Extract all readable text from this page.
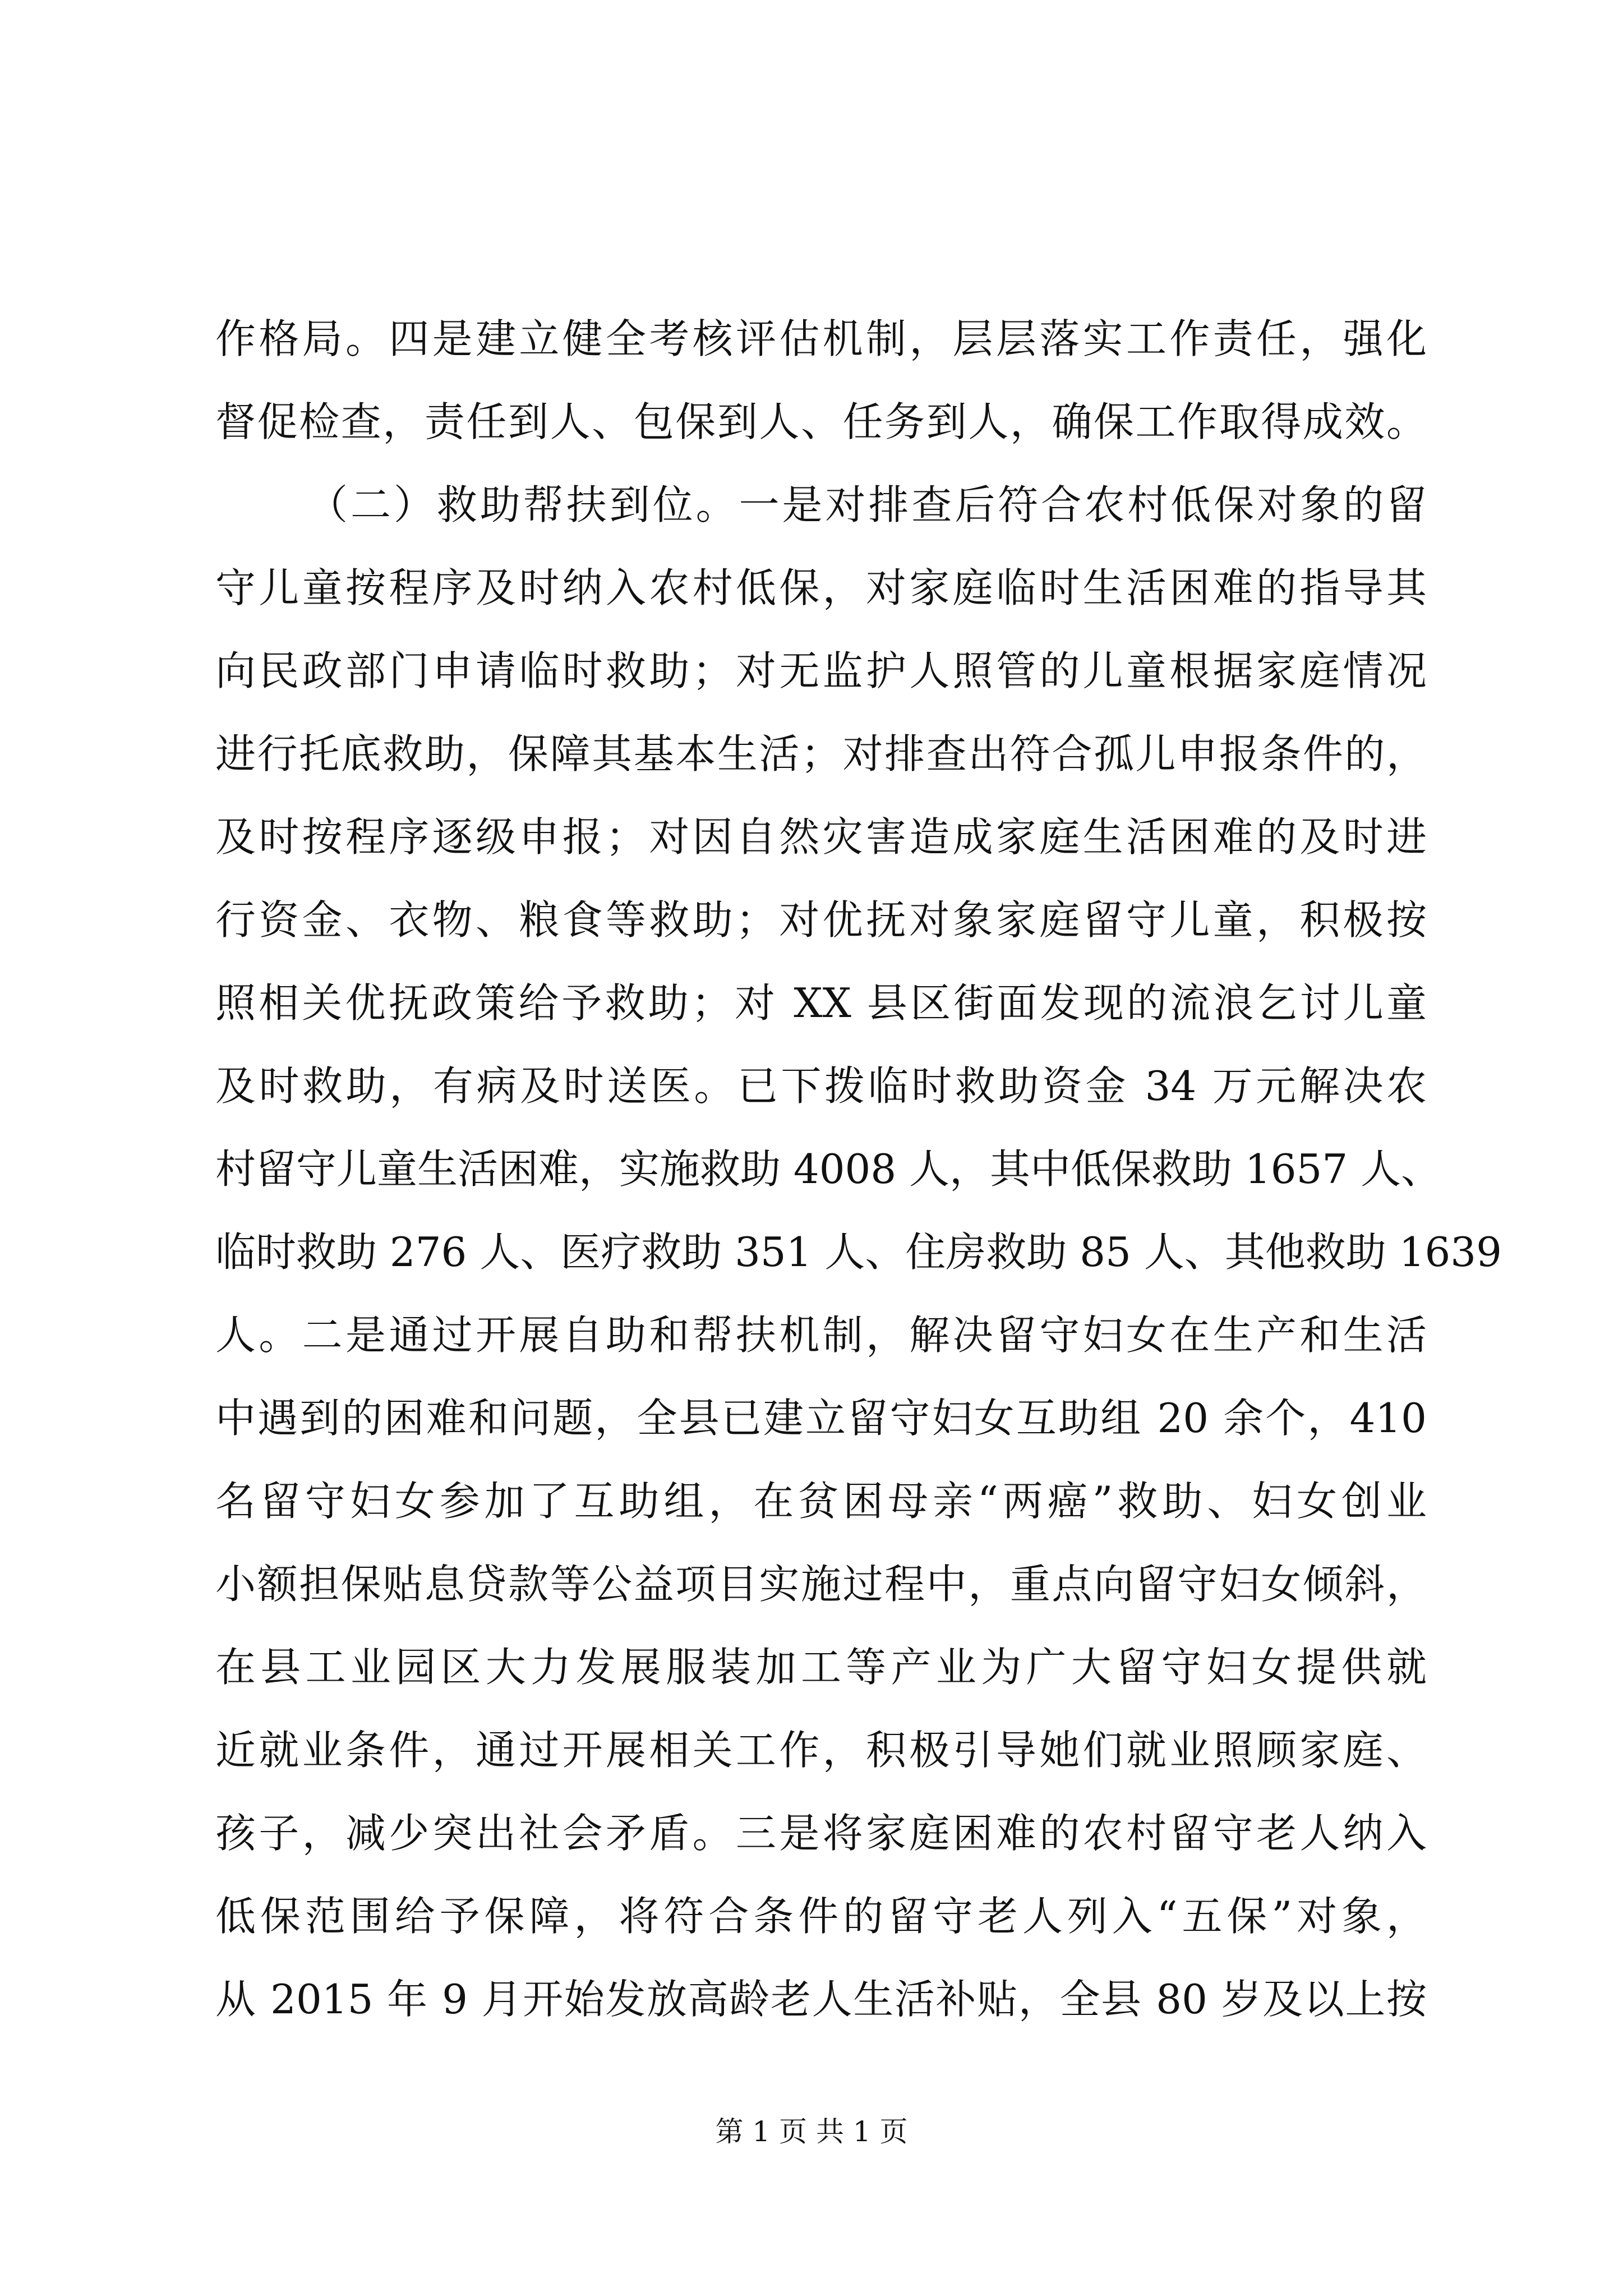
作格局。四是建立健全考核评估机制，层层落实工作责任，强化
督促检查，责任到人、包保到人、任务到人，确保工作取得成效。
（二）救助帮扶到位。一是对排查后符合农村低保对象的留
守儿童按程序及时纳入农村低保，对家庭临时生活困难的指导其
向民政部门申请临时救助；对无监护人照管的儿童根据家庭情况
进行托底救助，保障其基本生活；对排查出符合孤儿申报条件的，
及时按程序逐级申报；对因自然灾害造成家庭生活困难的及时进
行资金、衣物、粮食等救助；对优抚对象家庭留守儿童，积极按
照相关优抚政策给予救助；对 XX 县区街面发现的流浪乞讨儿童
及时救助，有病及时送医。已下拨临时救助资金 34 万元解决农
村留守儿童生活困难，实施救助 4008 人，其中低保救助 1657 人、
临时救助 276 人、医疗救助 351 人、住房救助 85 人、其他救助 1639
人。二是通过开展自助和帮扶机制，解决留守妇女在生产和生活
中遇到的困难和问题，全县已建立留守妇女互助组 20 余个，410
名留守妇女参加了互助组，在贫困母亲“两癌”救助、妇女创业
小额担保贴息贷款等公益项目实施过程中，重点向留守妇女倾斜，
在县工业园区大力发展服装加工等产业为广大留守妇女提供就
近就业条件，通过开展相关工作，积极引导她们就业照顾家庭、
孩子，减少突出社会矛盾。三是将家庭困难的农村留守老人纳入
低保范围给予保障，将符合条件的留守老人列入“五保”对象，
从 2015 年 9 月开始发放高龄老人生活补贴，全县 80 岁及以上按
第 1 页 共 1 页
